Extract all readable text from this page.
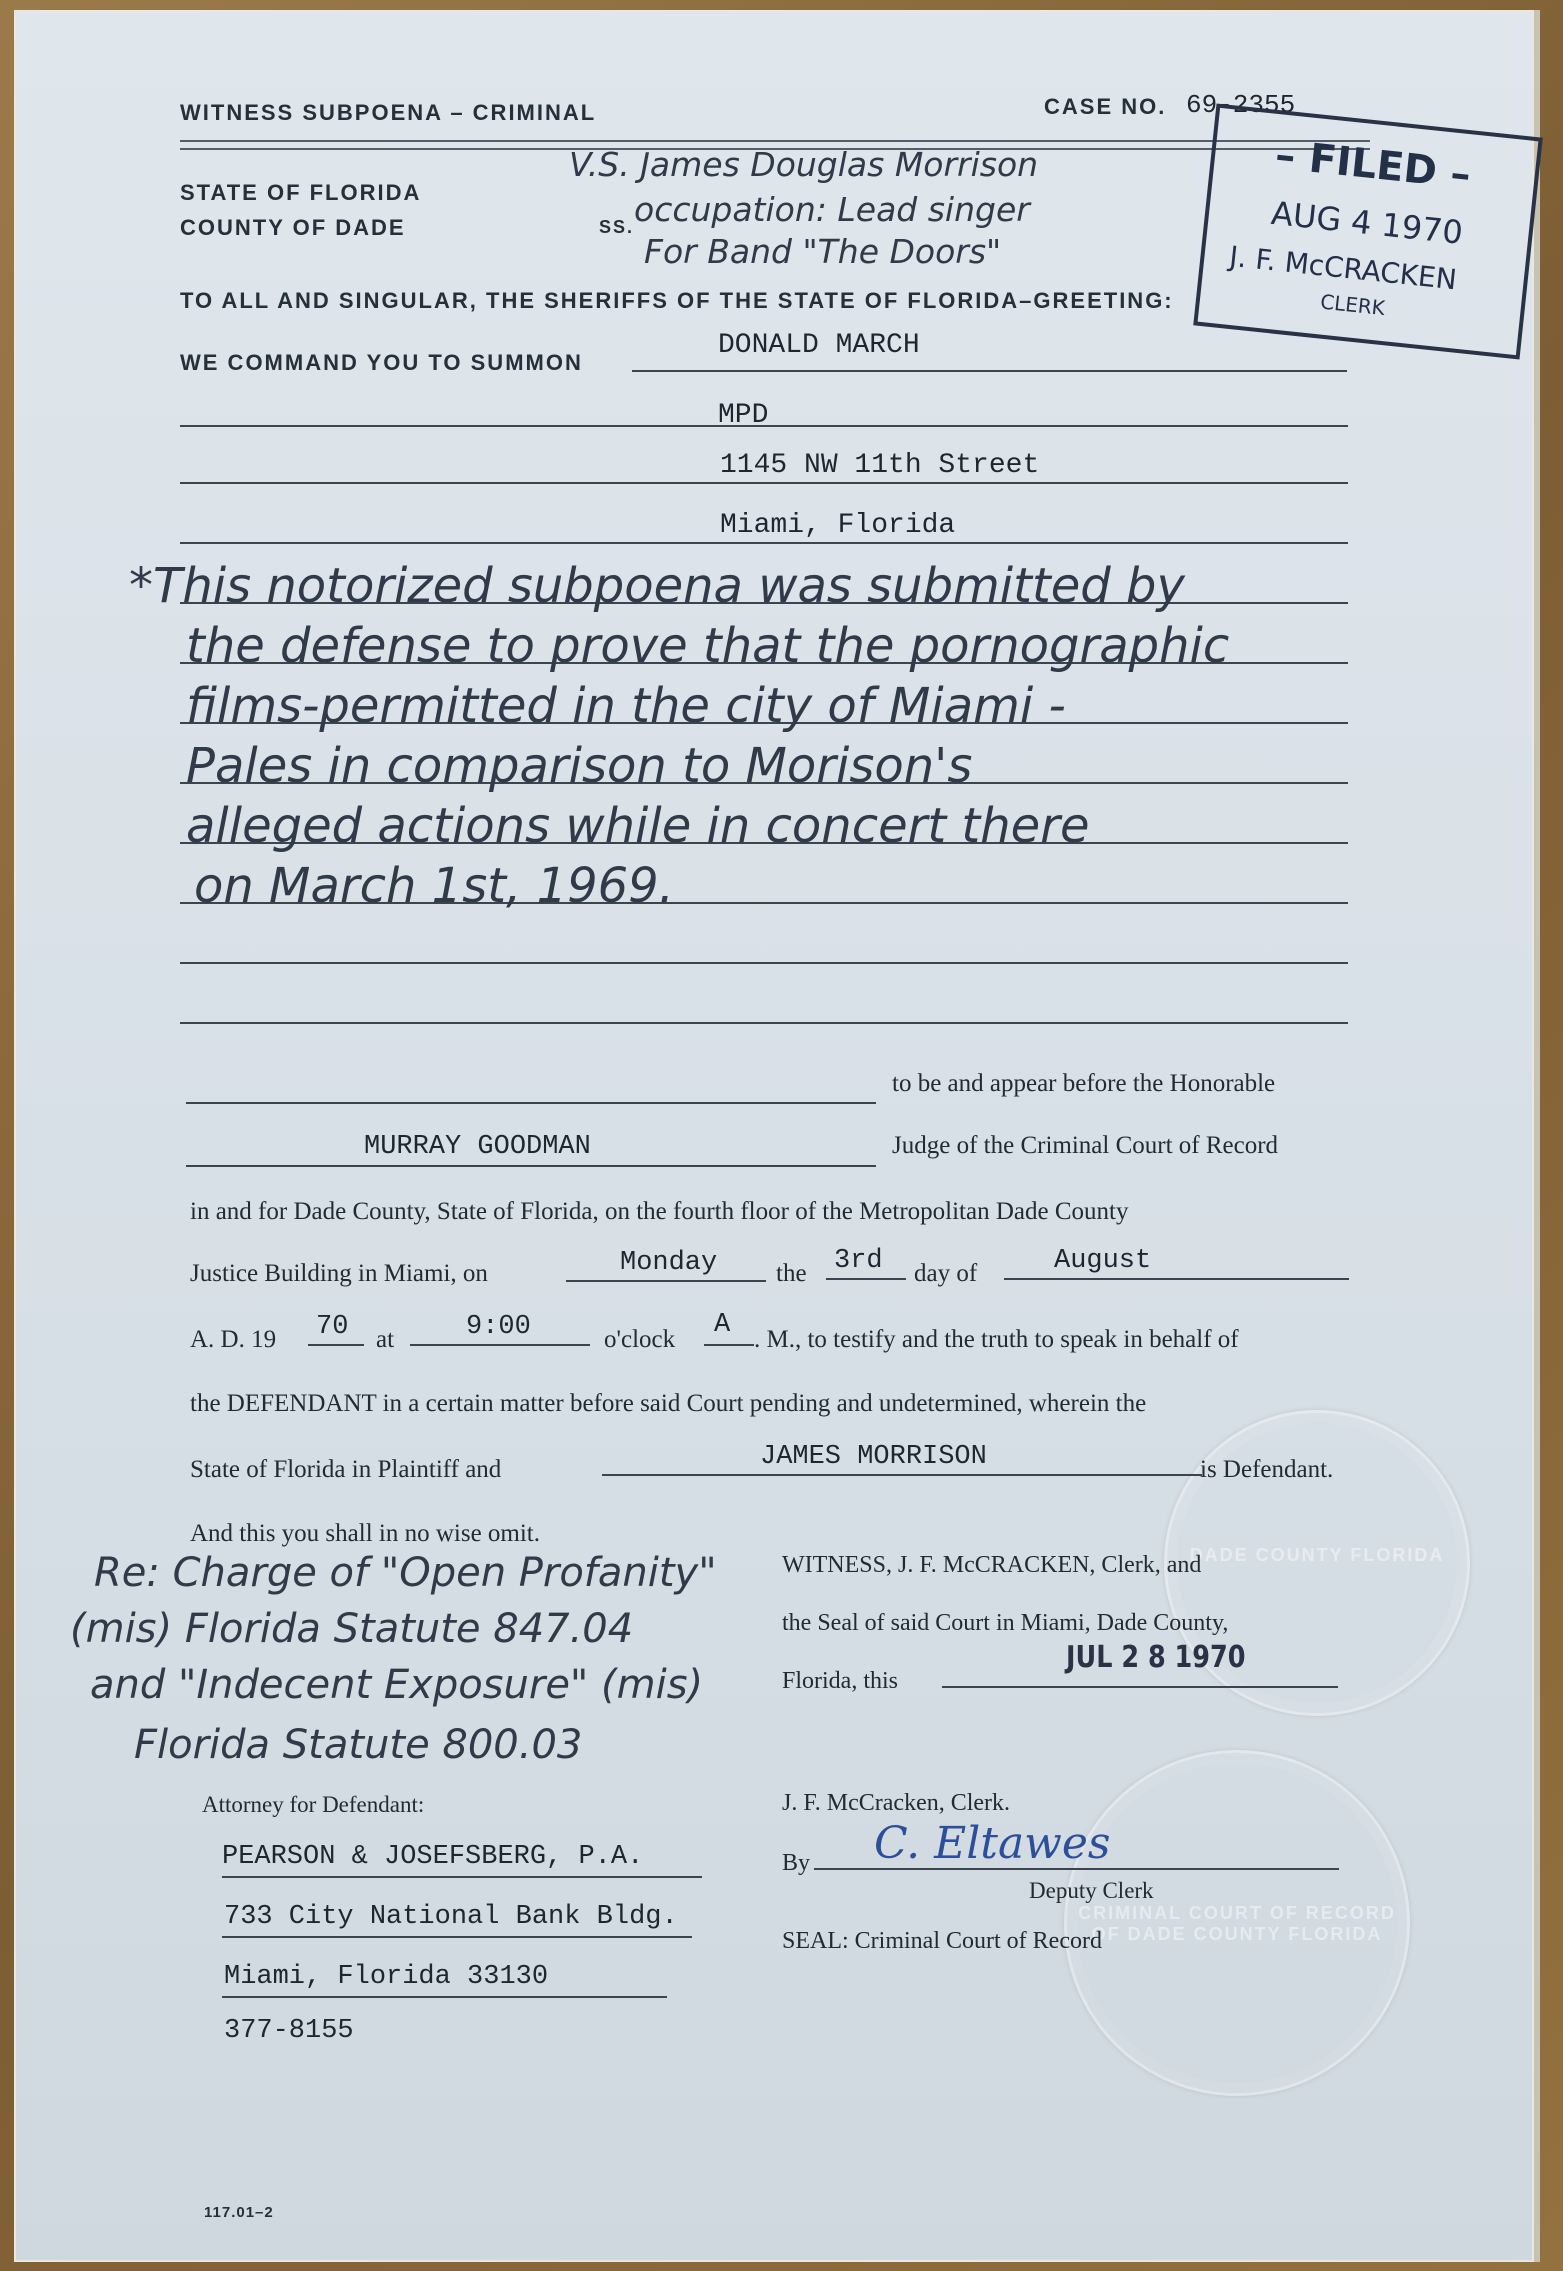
DADE COUNTY FLORIDA
CRIMINAL COURT OF RECORD OF DADE COUNTY FLORIDA
WITNESS SUBPOENA – CRIMINAL	CASE NO. 69-2355
STATE OF FLORIDA
COUNTY OF DADE	SS.
V.S. James Douglas Morrison
occupation: Lead singer
For Band "The Doors"
TO ALL AND SINGULAR, THE SHERIFFS OF THE STATE OF FLORIDA–GREETING:
– FILED –
AUG 4 1970
J. F. McCRACKEN
CLERK
WE COMMAND YOU TO SUMMON
DONALD MARCH
MPD
1145 NW 11th Street
Miami, Florida
*This notorized subpoena was submitted by
the defense to prove that the pornographic
films-permitted in the city of Miami -
Pales in comparison to Morison's
alleged actions while in concert there
on March 1st, 1969.
to be and appear before the Honorable
MURRAY GOODMAN	Judge of the Criminal Court of Record
in and for Dade County, State of Florida, on the fourth floor of the Metropolitan Dade County
Justice Building in Miami, on	Monday the 3rd day of	August
A. D. 19 70 at	9:00	o'clock A . M., to testify and the truth to speak in behalf of
the DEFENDANT in a certain matter before said Court pending and undetermined, wherein the
State of Florida in Plaintiff and	JAMES MORRISON	is Defendant.
And this you shall in no wise omit.
Re: Charge of "Open Profanity"
(mis) Florida Statute 847.04
and "Indecent Exposure" (mis)
Florida Statute 800.03
WITNESS, J. F. McCRACKEN, Clerk, and
the Seal of said Court in Miami, Dade County,
Florida, this
JUL 2 8 1970
J. F. McCracken, Clerk.
By C. Eltawes
Deputy Clerk
SEAL: Criminal Court of Record
Attorney for Defendant:
PEARSON & JOSEFSBERG, P.A.
733 City National Bank Bldg.
Miami, Florida 33130
377-8155
117.01–2
